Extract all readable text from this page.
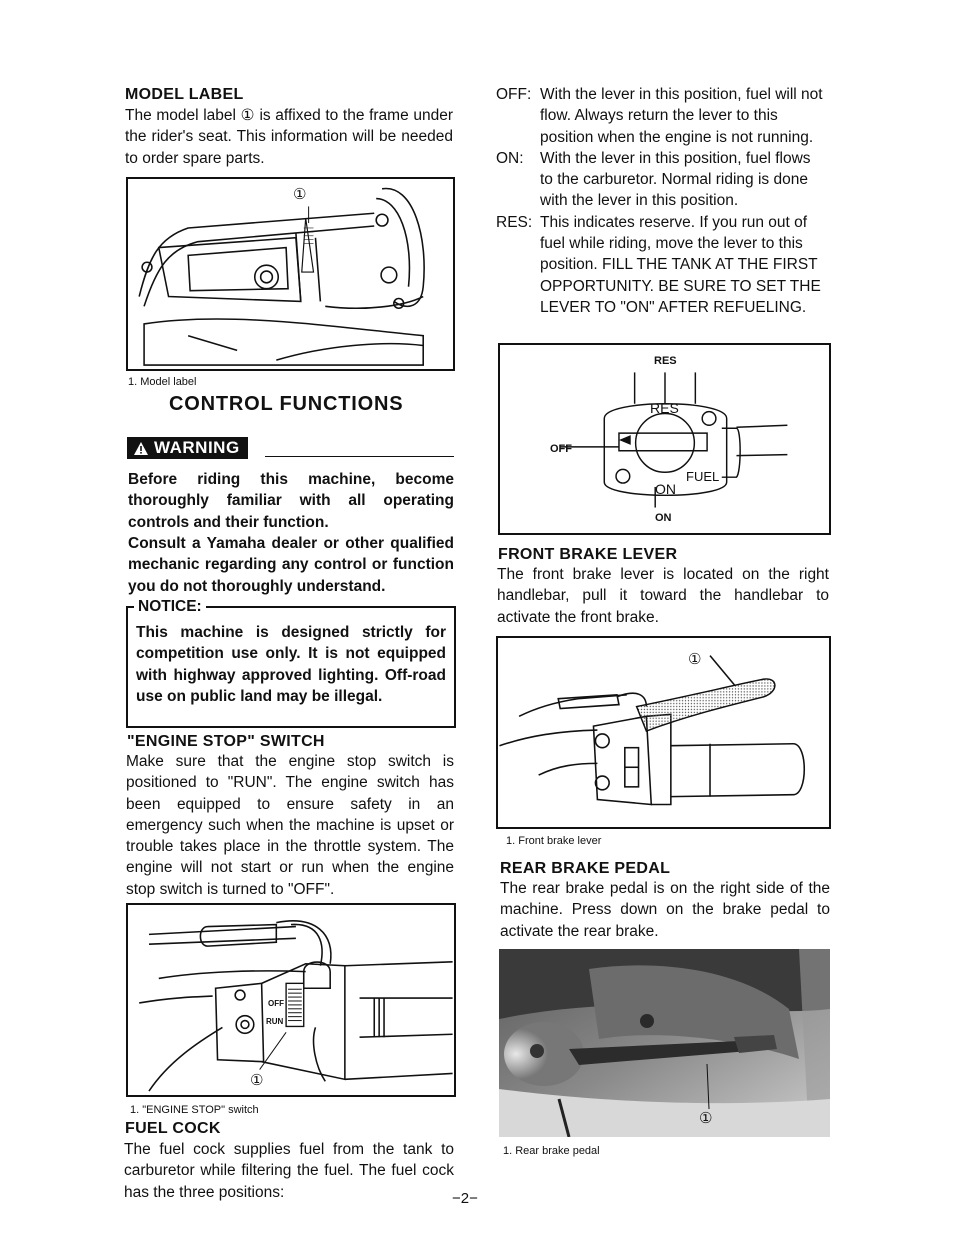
MODEL LABEL
The model label ① is affixed to the frame under the rider's seat. This information will be needed to order spare parts.
①
1. Model label
CONTROL FUNCTIONS
WARNING
Before riding this machine, become thoroughly familiar with all operating controls and their function.
Consult a Yamaha dealer or other qualified mechanic regarding any control or function you do not thoroughly understand.
NOTICE:
This machine is designed strictly for competition use only. It is not equipped with highway approved lighting. Off-road use on public land may be illegal.
"ENGINE STOP" SWITCH
Make sure that the engine stop switch is positioned to "RUN". The engine switch has been equipped to ensure safety in an emergency such when the machine is upset or trouble takes place in the throttle system. The engine will not start or run when the engine stop switch is turned to "OFF".
OFF
RUN
①
1. "ENGINE STOP" switch
FUEL COCK
The fuel cock supplies fuel from the tank to carburetor while filtering the fuel. The fuel cock has the three positions:	−2−
OFF: With the lever in this position, fuel will not flow. Always return the lever to this position when the engine is not running.
ON:	With the lever in this position, fuel flows to the carburetor. Normal riding is done with the lever in this position.
RES: This indicates reserve. If you run out of fuel while riding, move the lever to this position. FILL THE TANK AT THE FIRST OPPORTUNITY. BE SURE TO SET THE LEVER TO "ON" AFTER REFUELING.
RES
OFF
ON
RES
ON
FUEL
FRONT BRAKE LEVER
The front brake lever is located on the right handlebar, pull it toward the handlebar to activate the front brake.
①
1. Front brake lever
REAR BRAKE PEDAL
The rear brake pedal is on the right side of the machine. Press down on the brake pedal to activate the rear brake.
①
1. Rear brake pedal
